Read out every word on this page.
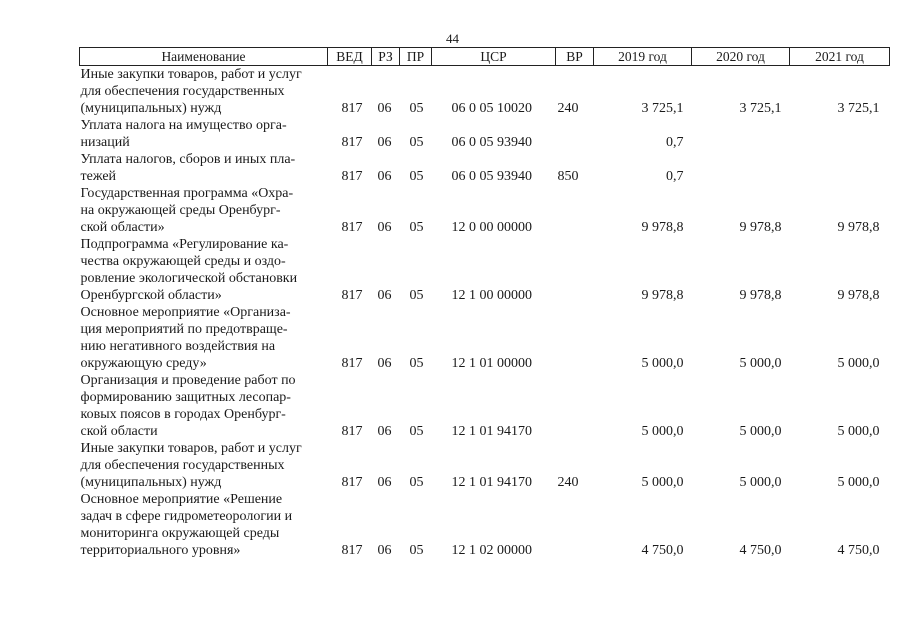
44
Наименование	ВЕД	РЗ	ПР	ЦСР	ВР	2019 год	2020 год	2021 год

Иные закупки товаров, работ и услуг
для обеспечения государственных
(муниципальных) нужд	817	06	05	06 0 05 10020	240	3 725,1	3 725,1	3 725,1

Уплата налога на имущество орга-
низаций	817	06	05	06 0 05 93940		0,7		

Уплата налогов, сборов и иных пла-
тежей	817	06	05	06 0 05 93940	850	0,7		

Государственная программа «Охра-
на окружающей среды Оренбург-
ской области»	817	06	05	12 0 00 00000		9 978,8	9 978,8	9 978,8

Подпрограмма «Регулирование ка-
чества окружающей среды и оздо-
ровление экологической обстановки
Оренбургской области»	817	06	05	12 1 00 00000		9 978,8	9 978,8	9 978,8

Основное мероприятие «Организа-
ция мероприятий по предотвраще-
нию негативного воздействия на
окружающую среду»	817	06	05	12 1 01 00000		5 000,0	5 000,0	5 000,0

Организация и проведение работ по
формированию защитных лесопар-
ковых поясов в городах Оренбург-
ской области	817	06	05	12 1 01 94170		5 000,0	5 000,0	5 000,0

Иные закупки товаров, работ и услуг
для обеспечения государственных
(муниципальных) нужд	817	06	05	12 1 01 94170	240	5 000,0	5 000,0	5 000,0

Основное мероприятие «Решение
задач в сфере гидрометеорологии и
мониторинга окружающей среды
территориального уровня»	817	06	05	12 1 02 00000		4 750,0	4 750,0	4 750,0
